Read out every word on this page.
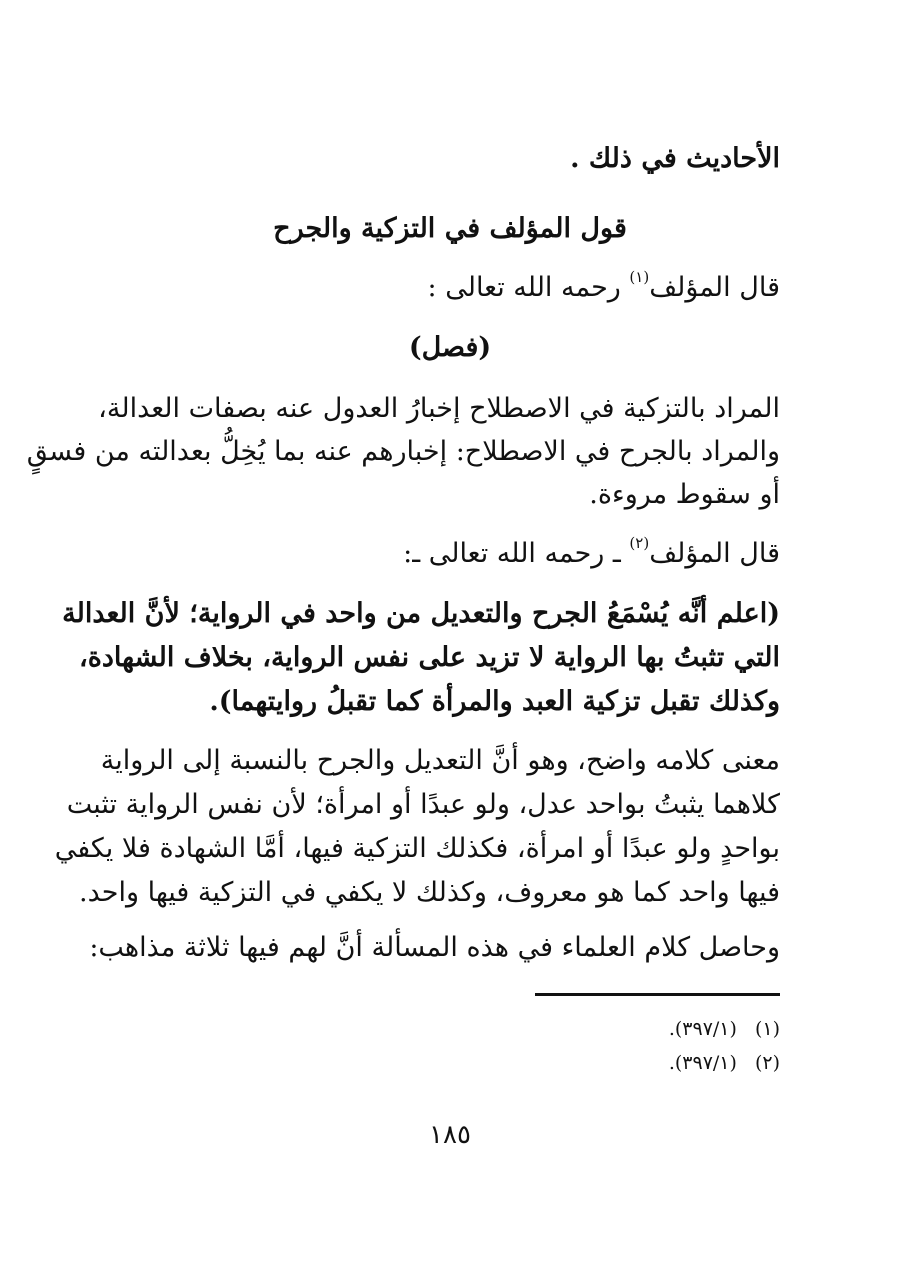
الأحاديث في ذلك .
قول المؤلف في التزكية والجرح
قال المؤلف$^{(١)}$ رحمه الله تعالى :
(فصل)
المراد بالتزكية في الاصطلاح إخبارُ العدول عنه بصفات العدالة،
والمراد بالجرح في الاصطلاح: إخبارهم عنه بما يُخِلُّ بعدالته من فسقٍ
أو سقوط مروءة.
قال المؤلف$^{(٢)}$ ـ رحمه الله تعالى ـ:
(اعلم أنَّه يُسْمَعُ الجرح والتعديل من واحد في الرواية؛ لأنَّ العدالة
التي تثبتُ بها الرواية لا تزيد على نفس الرواية، بخلاف الشهادة،
وكذلك تقبل تزكية العبد والمرأة كما تقبلُ روايتهما).
معنى كلامه واضح، وهو أنَّ التعديل والجرح بالنسبة إلى الرواية
كلاهما يثبتُ بواحد عدل، ولو عبدًا أو امرأة؛ لأن نفس الرواية تثبت
بواحدٍ ولو عبدًا أو امرأة، فكذلك التزكية فيها، أمَّا الشهادة فلا يكفي
فيها واحد كما هو معروف، وكذلك لا يكفي في التزكية فيها واحد.
وحاصل كلام العلماء في هذه المسألة أنَّ لهم فيها ثلاثة مذاهب:
(١)(٣٩٧/١).
(٢)(٣٩٧/١).
١٨٥
